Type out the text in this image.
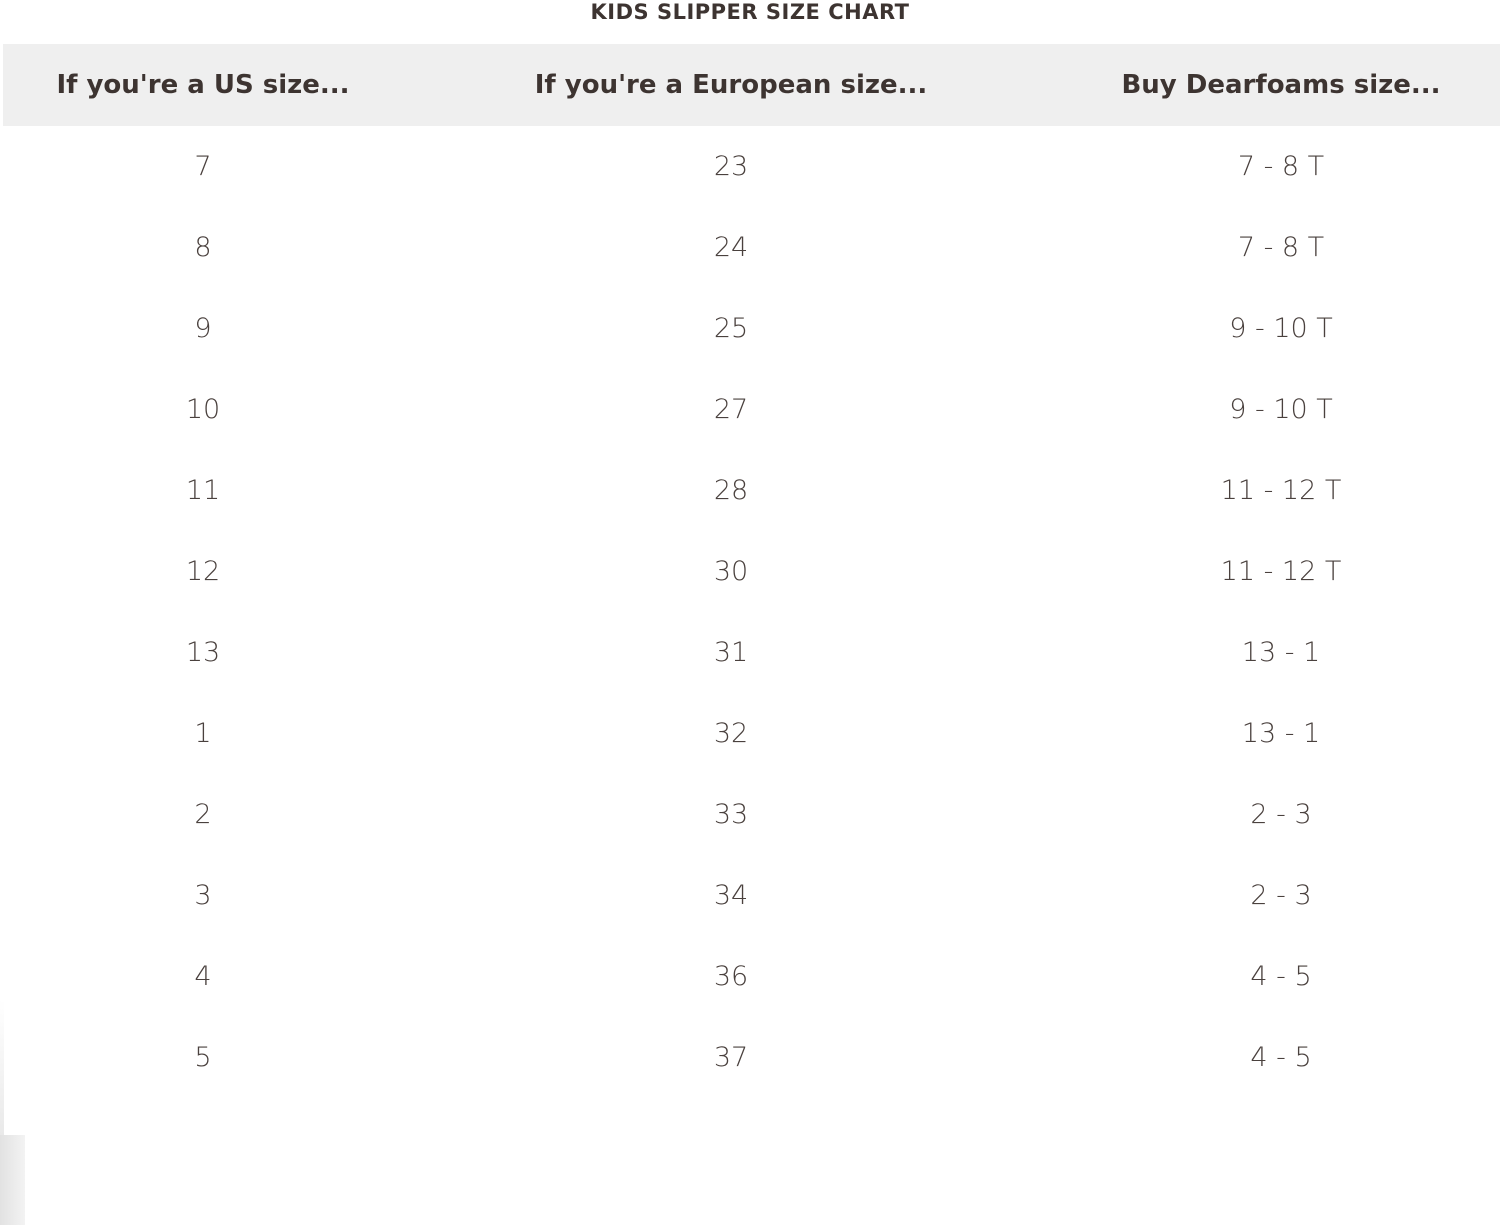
KIDS SLIPPER SIZE CHART
If you're a US size...	If you're a European size...	Buy Dearfoams size...
7	23	7 - 8 T
8	24	7 - 8 T
9	25	9 - 10 T
10	27	9 - 10 T
11	28	11 - 12 T
12	30	11 - 12 T
13	31	13 - 1
1	32	13 - 1
2	33	2 - 3
3	34	2 - 3
4	36	4 - 5
5	37	4 - 5
